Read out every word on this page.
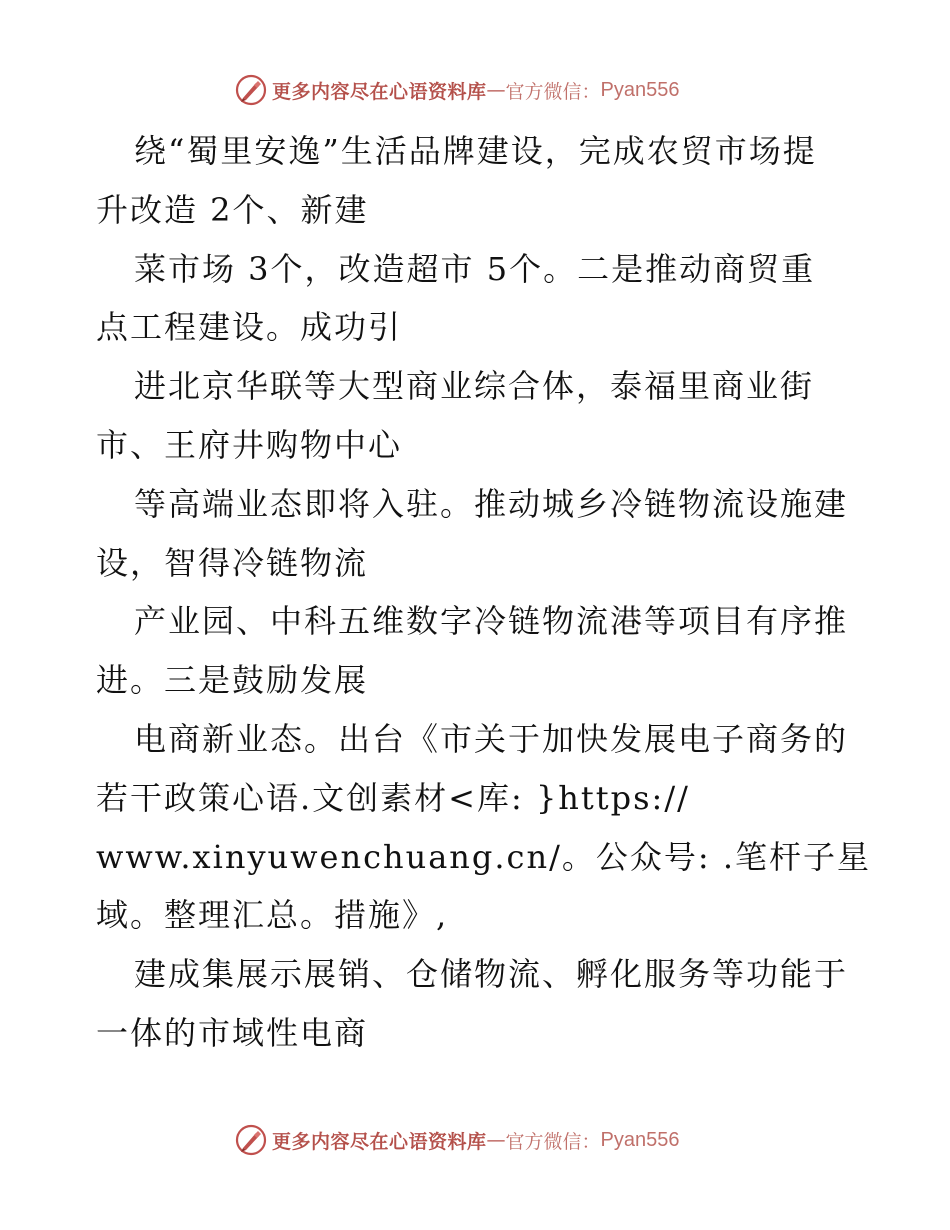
更多内容尽在心语资料库 — 官方微信： Pyan556
绕“蜀里安逸”生活品牌建设，完成农贸市场提
升改造 2个、新建
菜市场 3个，改造超市 5个。二是推动商贸重
点工程建设。成功引
进北京华联等大型商业综合体，泰福里商业街
市、王府井购物中心
等高端业态即将入驻。推动城乡冷链物流设施建
设，智得冷链物流
产业园、中科五维数字冷链物流港等项目有序推
进。三是鼓励发展
电商新业态。出台《市关于加快发展电子商务的
若干政策心语.文创素材<库: }https://
www.xinyuwenchuang.cn/。公众号: .笔杆子星
域。整理汇总。措施》,
建成集展示展销、仓储物流、孵化服务等功能于
一体的市域性电商
更多内容尽在心语资料库 — 官方微信： Pyan556
